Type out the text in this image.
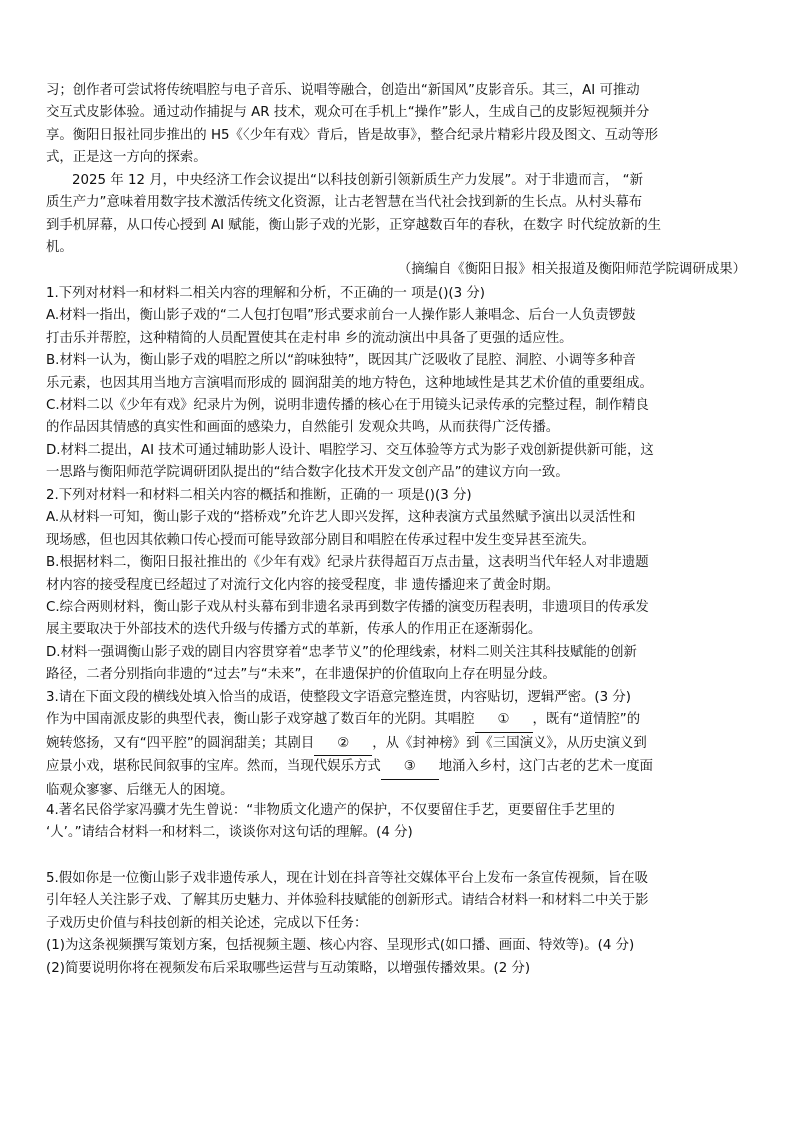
习；创作者可尝试将传统唱腔与电子音乐、说唱等融合，创造出“新国风”皮影音乐。其三，AI 可推动
交互式皮影体验。通过动作捕捉与 AR 技术，观众可在手机上“操作”影人，生成自己的皮影短视频并分
享。衡阳日报社同步推出的 H5《〈少年有戏〉背后，皆是故事》，整合纪录片精彩片段及图文、互动等形
式，正是这一方向的探索。
2025 年 12 月，中央经济工作会议提出“以科技创新引领新质生产力发展”。对于非遗而言， “新
质生产力”意味着用数字技术激活传统文化资源，让古老智慧在当代社会找到新的生长点。从村头幕布
到手机屏幕，从口传心授到 AI 赋能，衡山影子戏的光影，正穿越数百年的春秋，在数字 时代绽放新的生
机。
（摘编自《衡阳日报》相关报道及衡阳师范学院调研成果）
1.下列对材料一和材料二相关内容的理解和分析，不正确的一 项是()(3 分)
A.材料一指出，衡山影子戏的“二人包打包唱”形式要求前台一人操作影人兼唱念、后台一人负责锣鼓
打击乐并帮腔，这种精简的人员配置使其在走村串 乡的流动演出中具备了更强的适应性。
B.材料一认为，衡山影子戏的唱腔之所以“韵味独特”，既因其广泛吸收了昆腔、洞腔、小调等多种音
乐元素，也因其用当地方言演唱而形成的 圆润甜美的地方特色，这种地域性是其艺术价值的重要组成。
C.材料二以《少年有戏》纪录片为例，说明非遗传播的核心在于用镜头记录传承的完整过程，制作精良
的作品因其情感的真实性和画面的感染力，自然能引 发观众共鸣，从而获得广泛传播。
D.材料二提出，AI 技术可通过辅助影人设计、唱腔学习、交互体验等方式为影子戏创新提供新可能，这
一思路与衡阳师范学院调研团队提出的“结合数字化技术开发文创产品”的建议方向一致。
2.下列对材料一和材料二相关内容的概括和推断，正确的一 项是()(3 分)
A.从材料一可知，衡山影子戏的“搭桥戏”允许艺人即兴发挥，这种表演方式虽然赋予演出以灵活性和
现场感，但也因其依赖口传心授而可能导致部分剧目和唱腔在传承过程中发生变异甚至流失。
B.根据材料二，衡阳日报社推出的《少年有戏》纪录片获得超百万点击量，这表明当代年轻人对非遗题
材内容的接受程度已经超过了对流行文化内容的接受程度，非 遗传播迎来了黄金时期。
C.综合两则材料，衡山影子戏从村头幕布到非遗名录再到数字传播的演变历程表明，非遗项目的传承发
展主要取决于外部技术的迭代升级与传播方式的革新，传承人的作用正在逐渐弱化。
D.材料一强调衡山影子戏的剧目内容贯穿着“忠孝节义”的伦理线索，材料二则关注其科技赋能的创新
路径，二者分别指向非遗的“过去”与“未来”，在非遗保护的价值取向上存在明显分歧。
3.请在下面文段的横线处填入恰当的成语，使整段文字语意完整连贯，内容贴切，逻辑严密。(3 分)
作为中国南派皮影的典型代表，衡山影子戏穿越了数百年的光阴。其唱腔 ① ，既有“道情腔”的
婉转悠扬，又有“四平腔”的圆润甜美；其剧目 ② ，从《封神榜》到《三国演义》，从历史演义到
应景小戏，堪称民间叙事的宝库。然而，当现代娱乐方式 ③ 地涌入乡村，这门古老的艺术一度面
临观众寥寥、后继无人的困境。
4.著名民俗学家冯骥才先生曾说：“非物质文化遗产的保护，不仅要留住手艺，更要留住手艺里的
‘人’。”请结合材料一和材料二，谈谈你对这句话的理解。(4 分)
5.假如你是一位衡山影子戏非遗传承人，现在计划在抖音等社交媒体平台上发布一条宣传视频，旨在吸
引年轻人关注影子戏、了解其历史魅力、并体验科技赋能的创新形式。请结合材料一和材料二中关于影
子戏历史价值与科技创新的相关论述，完成以下任务：
(1)为这条视频撰写策划方案，包括视频主题、核心内容、呈现形式(如口播、画面、特效等)。(4 分)
(2)简要说明你将在视频发布后采取哪些运营与互动策略，以增强传播效果。(2 分)
